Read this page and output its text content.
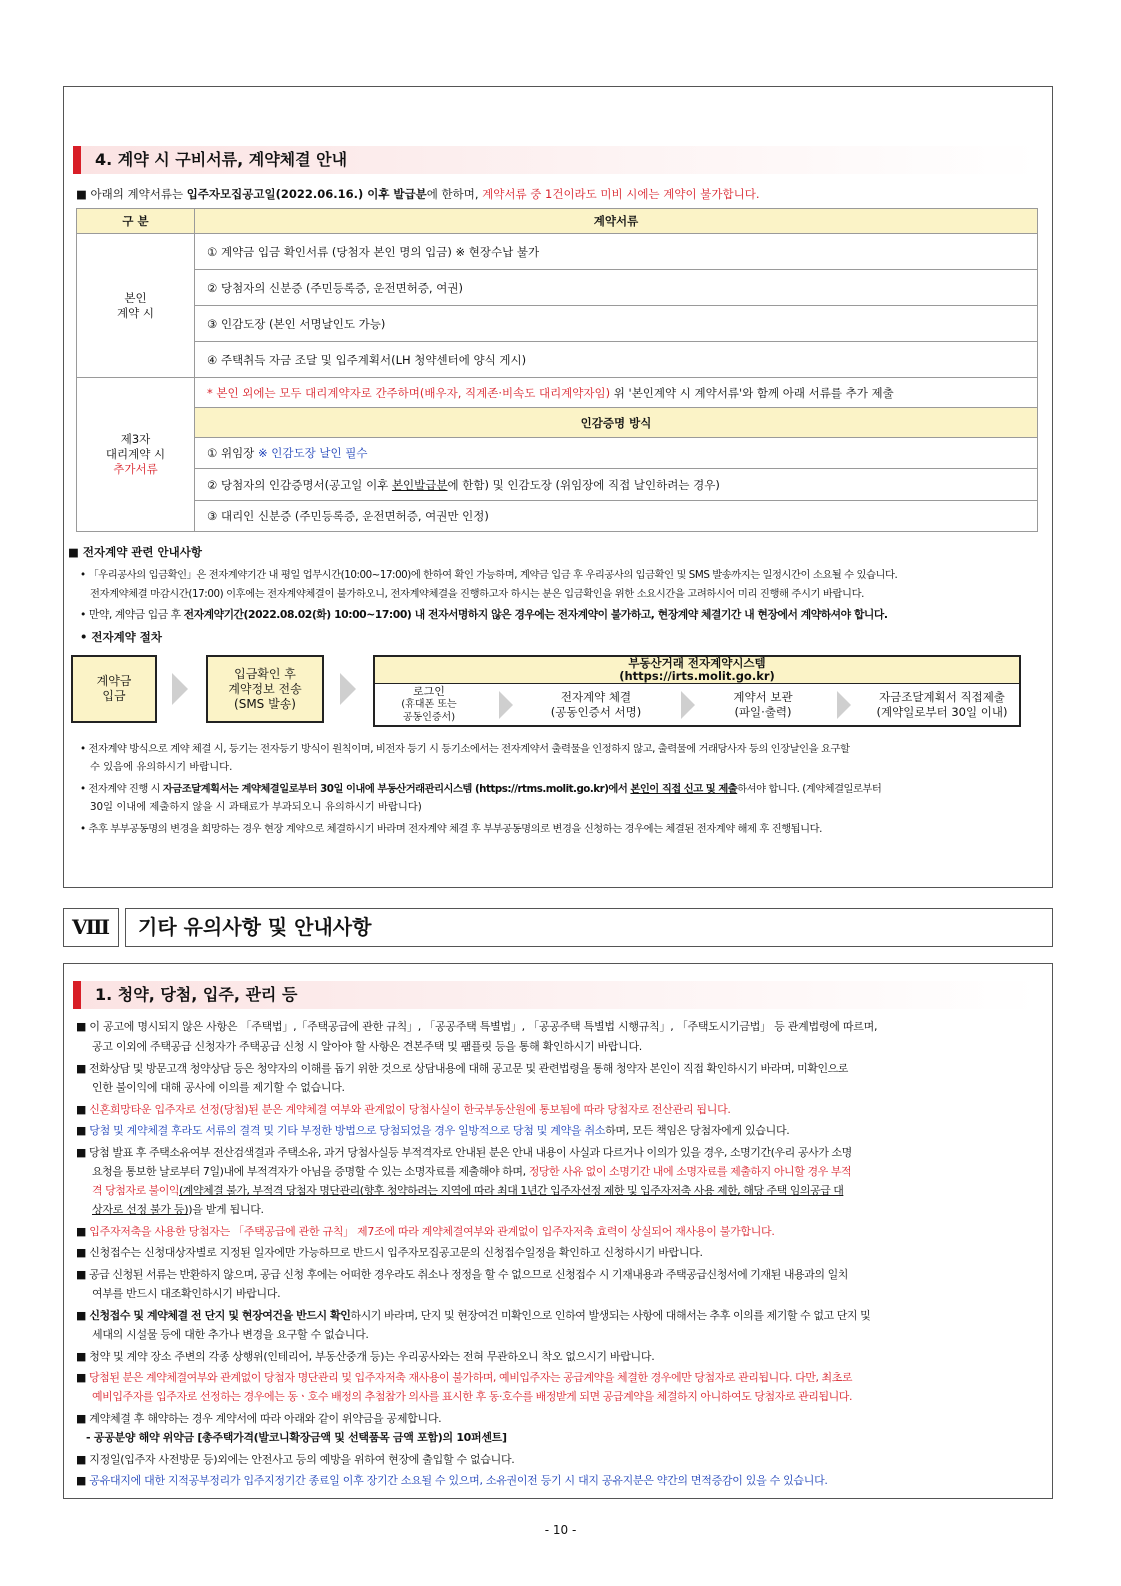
4. 계약 시 구비서류, 계약체결 안내
■ 아래의 계약서류는 입주자모집공고일(2022.06.16.) 이후 발급분에 한하며, 계약서류 중 1건이라도 미비 시에는 계약이 불가합니다.
구 분	계약서류

본인
계약 시	① 계약금 입금 확인서류 (당첨자 본인 명의 입금) ※ 현장수납 불가
	② 당첨자의 신분증 (주민등록증, 운전면허증, 여권)
	③ 인감도장 (본인 서명날인도 가능)
	④ 주택취득 자금 조달 및 입주계획서(LH 청약센터에 양식 게시)

제3자
대리계약 시
추가서류	* 본인 외에는 모두 대리계약자로 간주하며(배우자, 직계존·비속도 대리계약자임) 위 '본인계약 시 계약서류'와 함께 아래 서류를 추가 제출
	인감증명 방식
	① 위임장 ※ 인감도장 날인 필수
	② 당첨자의 인감증명서(공고일 이후 본인발급분에 한함) 및 인감도장 (위임장에 직접 날인하려는 경우)
	③ 대리인 신분증 (주민등록증, 운전면허증, 여권만 인정)
■ 전자계약 관련 안내사항
• 「우리공사의 입금확인」은 전자계약기간 내 평일 업무시간(10:00~17:00)에 한하여 확인 가능하며, 계약금 입금 후 우리공사의 입금확인 및 SMS 발송까지는 일정시간이 소요될 수 있습니다.
전자계약체결 마감시간(17:00) 이후에는 전자계약체결이 불가하오니, 전자계약체결을 진행하고자 하시는 분은 입금확인을 위한 소요시간을 고려하시어 미리 진행해 주시기 바랍니다.
• 만약, 계약금 입금 후 전자계약기간(2022.08.02(화) 10:00~17:00) 내 전자서명하지 않은 경우에는 전자계약이 불가하고, 현장계약 체결기간 내 현장에서 계약하셔야 합니다.
• 전자계약 절차
계약금
입금
입금확인 후
계약정보 전송
(SMS 발송)
부동산거래 전자계약시스템
(https://irts.molit.go.kr)
로그인
(휴대폰 또는
공동인증서)
전자계약 체결
(공동인증서 서명)
계약서 보관
(파일·출력)
자금조달계획서 직접제출
(계약일로부터 30일 이내)
• 전자계약 방식으로 계약 체결 시, 등기는 전자등기 방식이 원칙이며, 비전자 등기 시 등기소에서는 전자계약서 출력물을 인정하지 않고, 출력물에 거래당사자 등의 인장날인을 요구할
수 있음에 유의하시기 바랍니다.
• 전자계약 진행 시 자금조달계획서는 계약체결일로부터 30일 이내에 부동산거래관리시스템 (https://rtms.molit.go.kr)에서 본인이 직접 신고 및 제출하셔야 합니다. (계약체결일로부터
30일 이내에 제출하지 않을 시 과태료가 부과되오니 유의하시기 바랍니다)
• 추후 부부공동명의 변경을 희망하는 경우 현장 계약으로 체결하시기 바라며 전자계약 체결 후 부부공동명의로 변경을 신청하는 경우에는 체결된 전자계약 해제 후 진행됩니다.
Ⅷ	기타 유의사항 및 안내사항
1. 청약, 당첨, 입주, 관리 등
■ 이 공고에 명시되지 않은 사항은 「주택법」,「주택공급에 관한 규칙」, 「공공주택 특별법」, 「공공주택 특별법 시행규칙」, 「주택도시기금법」 등 관계법령에 따르며,
공고 이외에 주택공급 신청자가 주택공급 신청 시 알아야 할 사항은 견본주택 및 팸플릿 등을 통해 확인하시기 바랍니다.
■ 전화상담 및 방문고객 청약상담 등은 청약자의 이해를 돕기 위한 것으로 상담내용에 대해 공고문 및 관련법령을 통해 청약자 본인이 직접 확인하시기 바라며, 미확인으로
인한 불이익에 대해 공사에 이의를 제기할 수 없습니다.
■ 신혼희망타운 입주자로 선정(당첨)된 분은 계약체결 여부와 관계없이 당첨사실이 한국부동산원에 통보됨에 따라 당첨자로 전산관리 됩니다.
■ 당첨 및 계약체결 후라도 서류의 결격 및 기타 부정한 방법으로 당첨되었을 경우 일방적으로 당첨 및 계약을 취소하며, 모든 책임은 당첨자에게 있습니다.
■ 당첨 발표 후 주택소유여부 전산검색결과 주택소유, 과거 당첨사실등 부적격자로 안내된 분은 안내 내용이 사실과 다르거나 이의가 있을 경우, 소명기간(우리 공사가 소명
요청을 통보한 날로부터 7일)내에 부적격자가 아님을 증명할 수 있는 소명자료를 제출해야 하며, 정당한 사유 없이 소명기간 내에 소명자료를 제출하지 아니할 경우 부적
격 당첨자로 불이익(계약체결 불가, 부적격 당첨자 명단관리(향후 청약하려는 지역에 따라 최대 1년간 입주자선정 제한 및 입주자저축 사용 제한, 해당 주택 임의공급 대
상자로 선정 불가 등))을 받게 됩니다.
■ 입주자저축을 사용한 당첨자는 「주택공급에 관한 규칙」 제7조에 따라 계약체결여부와 관계없이 입주자저축 효력이 상실되어 재사용이 불가합니다.
■ 신청접수는 신청대상자별로 지정된 일자에만 가능하므로 반드시 입주자모집공고문의 신청접수일정을 확인하고 신청하시기 바랍니다.
■ 공급 신청된 서류는 반환하지 않으며, 공급 신청 후에는 어떠한 경우라도 취소나 정정을 할 수 없으므로 신청접수 시 기재내용과 주택공급신청서에 기재된 내용과의 일치
여부를 반드시 대조확인하시기 바랍니다.
■ 신청접수 및 계약체결 전 단지 및 현장여건을 반드시 확인하시기 바라며, 단지 및 현장여건 미확인으로 인하여 발생되는 사항에 대해서는 추후 이의를 제기할 수 없고 단지 및
세대의 시설물 등에 대한 추가나 변경을 요구할 수 없습니다.
■ 청약 및 계약 장소 주변의 각종 상행위(인테리어, 부동산중개 등)는 우리공사와는 전혀 무관하오니 착오 없으시기 바랍니다.
■ 당첨된 분은 계약체결여부와 관계없이 당첨자 명단관리 및 입주자저축 재사용이 불가하며, 예비입주자는 공급계약을 체결한 경우에만 당첨자로 관리됩니다. 다만, 최초로
예비입주자를 입주자로 선정하는 경우에는 동ㆍ호수 배정의 추첨참가 의사를 표시한 후 동·호수를 배정받게 되면 공급계약을 체결하지 아니하여도 당첨자로 관리됩니다.
■ 계약체결 후 해약하는 경우 계약서에 따라 아래와 같이 위약금을 공제합니다.
- 공공분양 해약 위약금 [총주택가격(발코니확장금액 및 선택품목 금액 포함)의 10퍼센트]
■ 지정일(입주자 사전방문 등)외에는 안전사고 등의 예방을 위하여 현장에 출입할 수 없습니다.
■ 공유대지에 대한 지적공부정리가 입주지정기간 종료일 이후 장기간 소요될 수 있으며, 소유권이전 등기 시 대지 공유지분은 약간의 면적증감이 있을 수 있습니다.
- 10 -
